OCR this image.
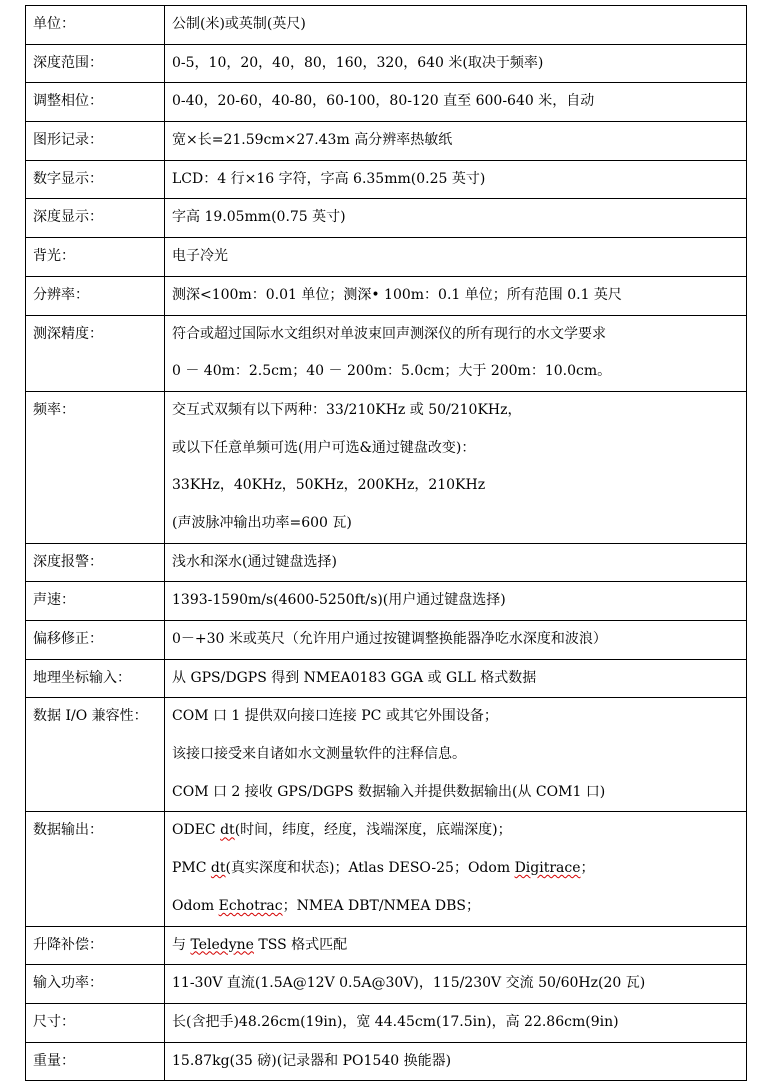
单位：	公制(米)或英制(英尺)

深度范围：	0-5，10，20，40，80，160，320，640 米(取决于频率)

调整相位：	0-40，20-60，40-80，60-100，80-120 直至 600-640 米，自动

图形记录：	宽×长=21.59cm×27.43m 高分辨率热敏纸

数字显示：	LCD：4 行×16 字符，字高 6.35mm(0.25 英寸)

深度显示：	字高 19.05mm(0.75 英寸)

背光：	电子冷光

分辨率：	测深<100m：0.01 单位；测深• 100m：0.1 单位；所有范围 0.1 英尺

测深精度：	符合或超过国际水文组织对单波束回声测深仪的所有现行的水文学要求
0 － 40m：2.5cm；40 － 200m：5.0cm；大于 200m：10.0cm。

频率：	交互式双频有以下两种：33/210KHz 或 50/210KHz，
或以下任意单频可选(用户可选&通过键盘改变)：
33KHz，40KHz，50KHz，200KHz，210KHz
(声波脉冲输出功率=600 瓦)

深度报警：	浅水和深水(通过键盘选择)

声速：	1393-1590m/s(4600-5250ft/s)(用户通过键盘选择)

偏移修正：	0－+30 米或英尺（允许用户通过按键调整换能器净吃水深度和波浪）

地理坐标输入：	从 GPS/DGPS 得到 NMEA0183 GGA 或 GLL 格式数据

数据 I/O 兼容性：	COM 口 1 提供双向接口连接 PC 或其它外围设备；
该接口接受来自诸如水文测量软件的注释信息。
COM 口 2 接收 GPS/DGPS 数据输入并提供数据输出(从 COM1 口)

数据输出：	ODEC dt(时间，纬度，经度，浅端深度，底端深度)；
PMC dt(真实深度和状态)；Atlas DESO-25；Odom Digitrace；
Odom Echotrac；NMEA DBT/NMEA DBS；

升降补偿：	与 Teledyne TSS 格式匹配

输入功率：	11-30V 直流(1.5A@12V 0.5A@30V)，115/230V 交流 50/60Hz(20 瓦)

尺寸：	长(含把手)48.26cm(19in)，宽 44.45cm(17.5in)，高 22.86cm(9in)

重量：	15.87kg(35 磅)(记录器和 PO1540 换能器)
